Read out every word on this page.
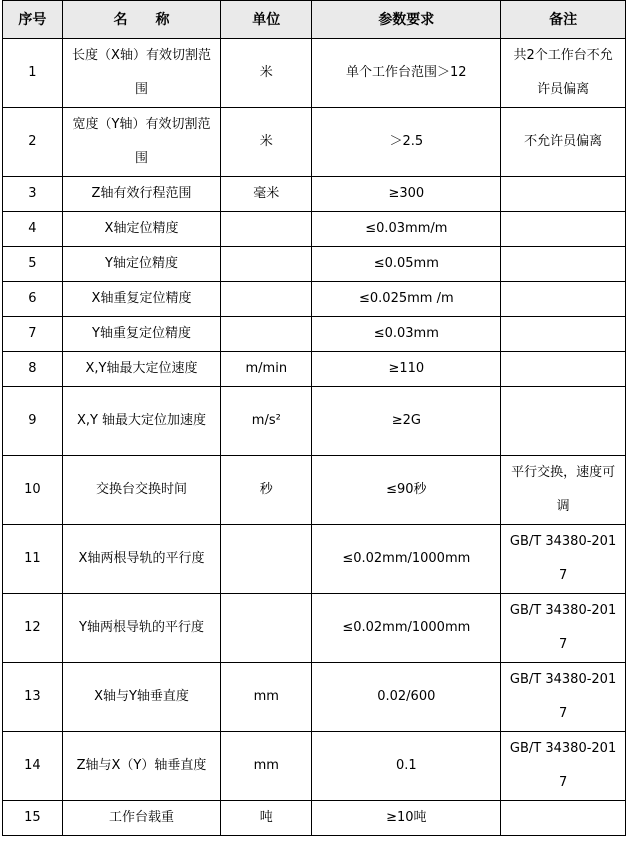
序号	名　　称	单位	参数要求	备注
1	长度（X轴）有效切割范围	米	单个工作台范围＞12	共2个工作台不允许员偏离
2	宽度（Y轴）有效切割范围	米	＞2.5	不允许员偏离
3	Z轴有效行程范围	毫米	≥300	
4	X轴定位精度		≤0.03mm/m	
5	Y轴定位精度		≤0.05mm	
6	X轴重复定位精度		≤0.025mm /m	
7	Y轴重复定位精度		≤0.03mm	
8	X,Y轴最大定位速度	m/min	≥110	
9	X,Y 轴最大定位加速度	m/s²	≥2G	
10	交换台交换时间	秒	≤90秒	平行交换，速度可调
11	X轴两根导轨的平行度		≤0.02mm/1000mm	GB/T 34380-2017
12	Y轴两根导轨的平行度		≤0.02mm/1000mm	GB/T 34380-2017
13	X轴与Y轴垂直度	mm	0.02/600	GB/T 34380-2017
14	Z轴与X（Y）轴垂直度	mm	0.1	GB/T 34380-2017
15	工作台载重	吨	≥10吨	
